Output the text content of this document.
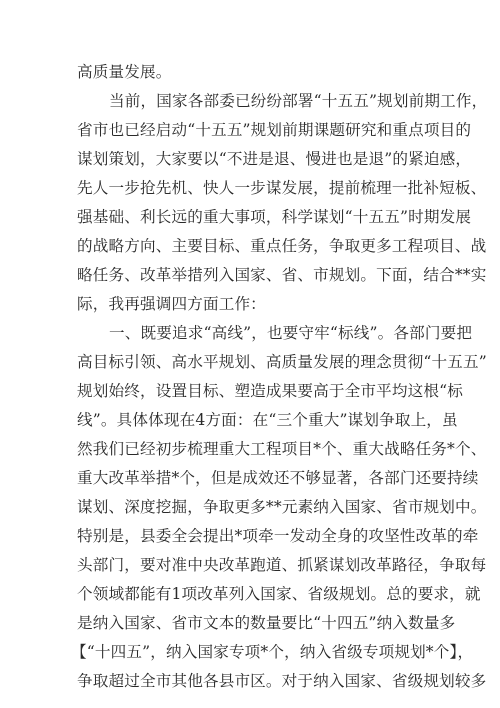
高质量发展。
当前，国家各部委已纷纷部署“十五五”规划前期工作，
省市也已经启动“十五五”规划前期课题研究和重点项目的
谋划策划，大家要以“不进是退、慢进也是退”的紧迫感，
先人一步抢先机、快人一步谋发展，提前梳理一批补短板、
强基础、利长远的重大事项，科学谋划“十五五”时期发展
的战略方向、主要目标、重点任务，争取更多工程项目、战
略任务、改革举措列入国家、省、市规划。下面，结合**实
际，我再强调四方面工作：
一、既要追求“高线”，也要守牢“标线”。各部门要把
高目标引领、高水平规划、高质量发展的理念贯彻“十五五”
规划始终，设置目标、塑造成果要高于全市平均这根“标
线”。具体体现在4方面：在“三个重大”谋划争取上，虽
然我们已经初步梳理重大工程项目*个、重大战略任务*个、
重大改革举措*个，但是成效还不够显著，各部门还要持续
谋划、深度挖掘，争取更多**元素纳入国家、省市规划中。
特别是，县委全会提出*项牵一发动全身的攻坚性改革的牵
头部门，要对准中央改革跑道、抓紧谋划改革路径，争取每
个领域都能有1项改革列入国家、省级规划。总的要求，就
是纳入国家、省市文本的数量要比“十四五”纳入数量多
【“十四五”，纳入国家专项*个，纳入省级专项规划*个】，
争取超过全市其他各县市区。对于纳入国家、省级规划较多
